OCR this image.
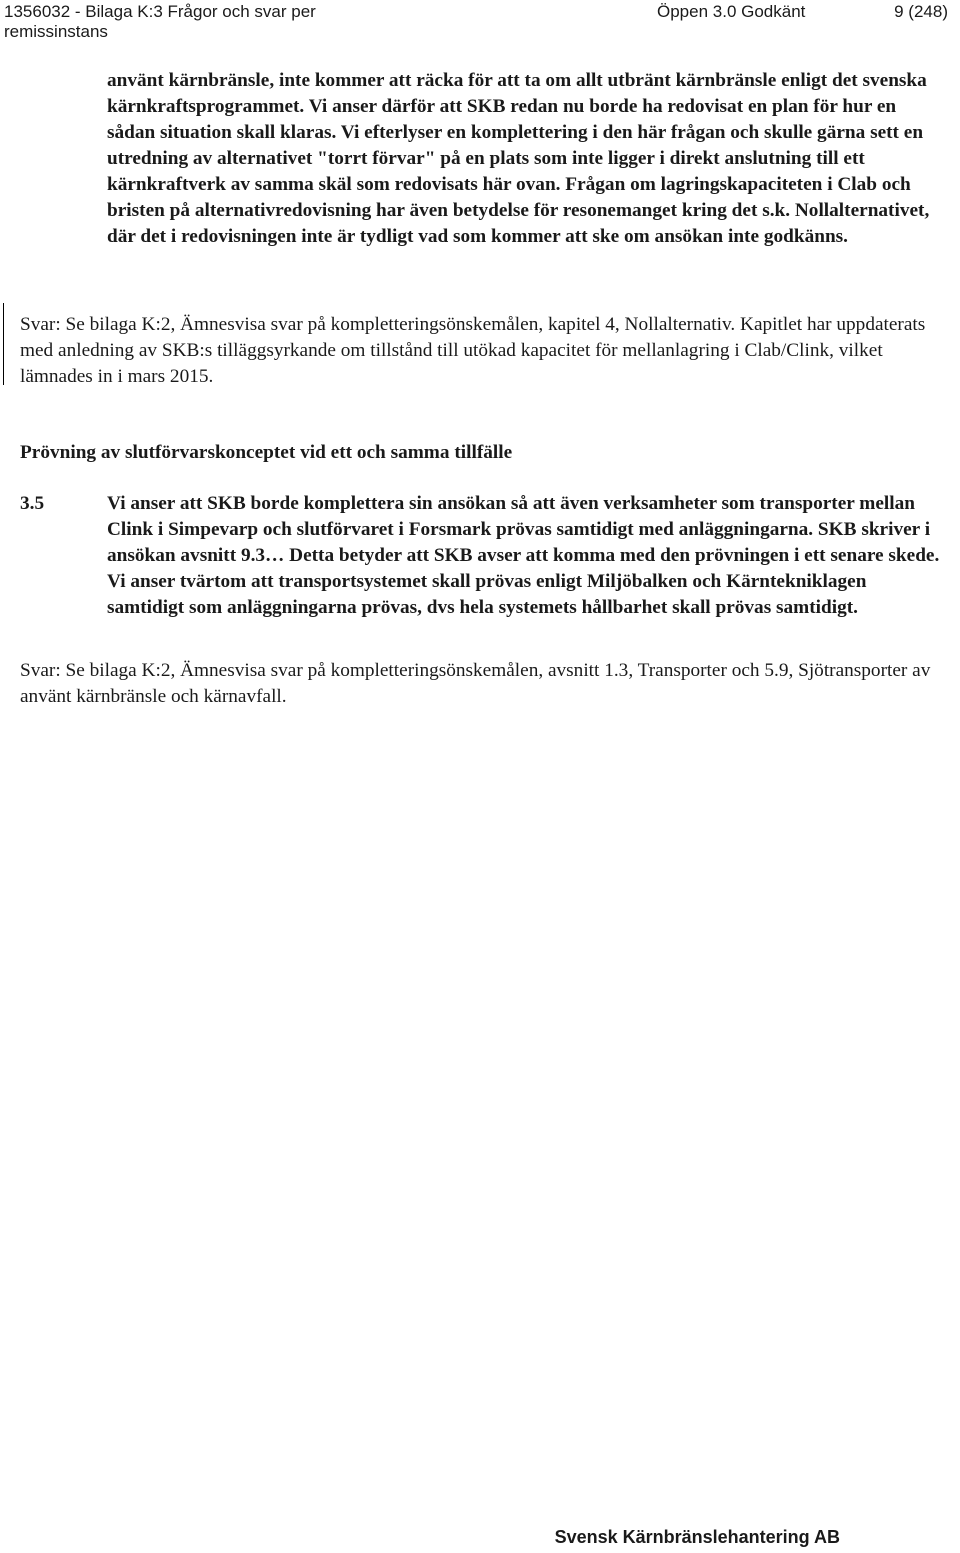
1356032 - Bilaga K:3 Frågor och svar per remissinstans
Öppen 3.0 Godkänt	9 (248)

använt kärnbränsle, inte kommer att räcka för att ta om allt utbränt kärnbränsle enligt det svenska kärnkraftsprogrammet. Vi anser därför att SKB redan nu borde ha redovisat en plan för hur en sådan situation skall klaras. Vi efterlyser en komplettering i den här frågan och skulle gärna sett en utredning av alternativet "torrt förvar" på en plats som inte ligger i direkt anslutning till ett kärnkraftverk av samma skäl som redovisats här ovan. Frågan om lagringskapaciteten i Clab och bristen på alternativredovisning har även betydelse för resonemanget kring det s.k. Nollalternativet, där det i redovisningen inte är tydligt vad som kommer att ske om ansökan inte godkänns.

Svar: Se bilaga K:2, Ämnesvisa svar på kompletteringsönskemålen, kapitel 4, Nollalternativ. Kapitlet har uppdaterats med anledning av SKB:s tilläggsyrkande om tillstånd till utökad kapacitet för mellanlagring i Clab/Clink, vilket lämnades in i mars 2015.

Prövning av slutförvarskonceptet vid ett och samma tillfälle
3.5	Vi anser att SKB borde komplettera sin ansökan så att även verksamheter som transporter mellan Clink i Simpevarp och slutförvaret i Forsmark prövas samtidigt med anläggningarna. SKB skriver i ansökan avsnitt 9.3… Detta betyder att SKB avser att komma med den prövningen i ett senare skede. Vi anser tvärtom att transportsystemet skall prövas enligt Miljöbalken och Kärntekniklagen samtidigt som anläggningarna prövas, dvs hela systemets hållbarhet skall prövas samtidigt.

Svar: Se bilaga K:2, Ämnesvisa svar på kompletteringsönskemålen, avsnitt 1.3, Transporter och 5.9, Sjötransporter av använt kärnbränsle och kärnavfall.

Svensk Kärnbränslehantering AB
